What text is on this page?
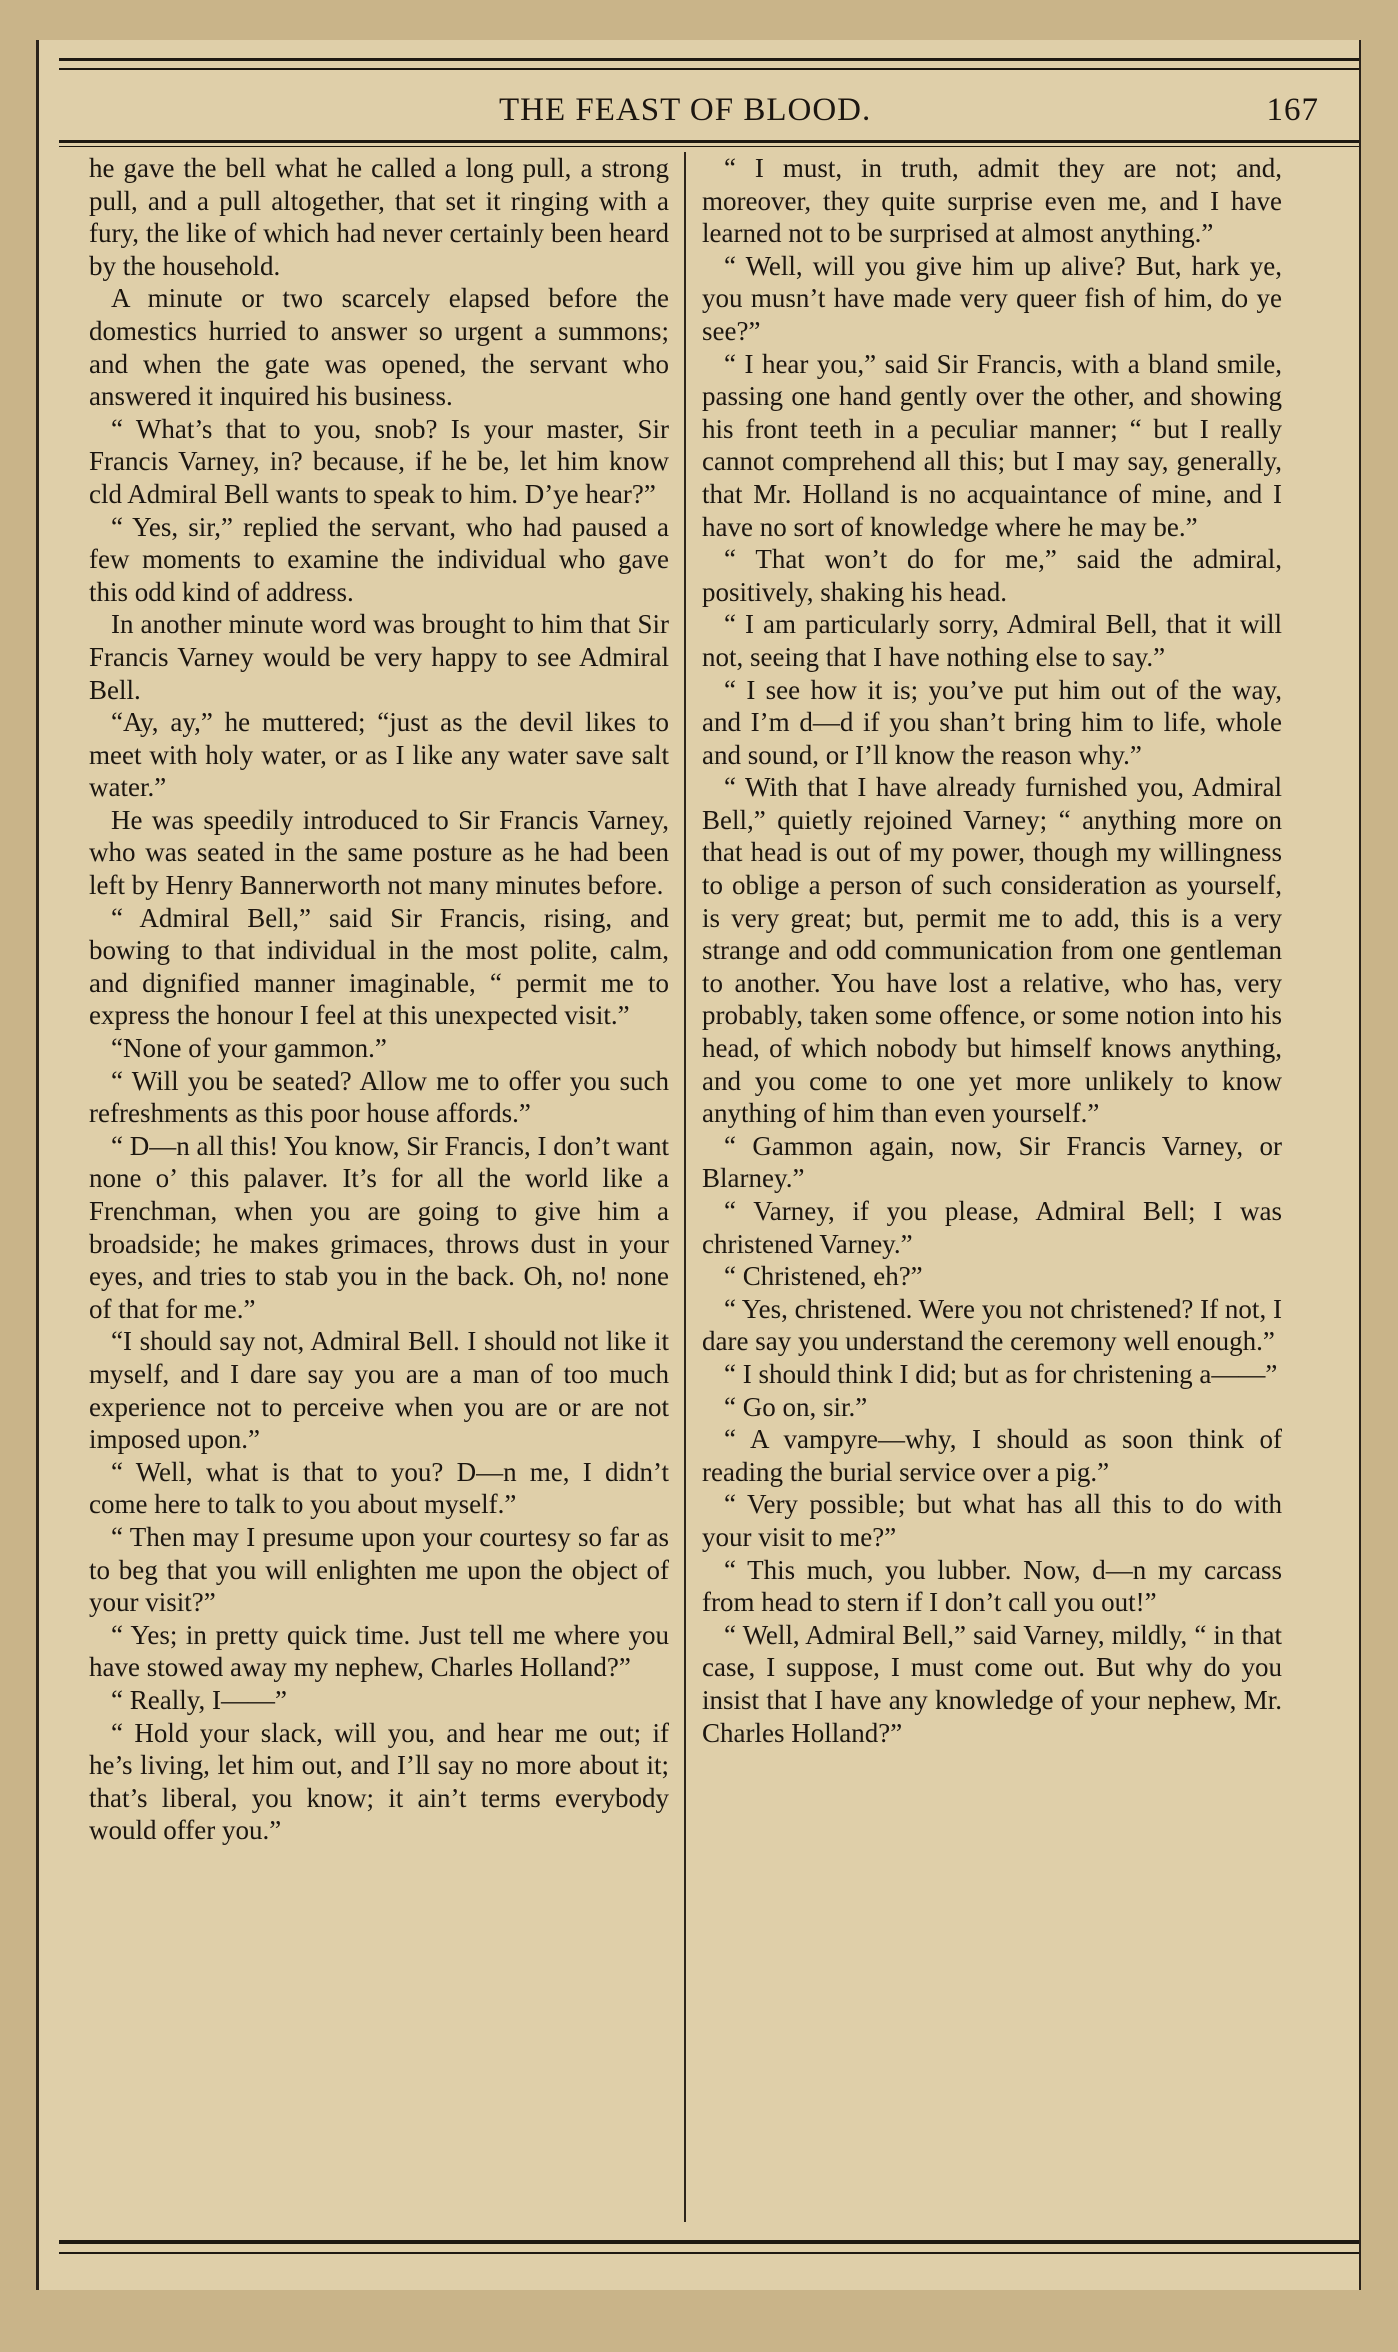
THE FEAST OF BLOOD.	167

he gave the bell what he called a long pull, a strong pull, and a pull altogether, that set it ringing with a fury, the like of which had never certainly been heard by the household.

A minute or two scarcely elapsed before the domestics hurried to answer so urgent a summons; and when the gate was opened, the servant who answered it inquired his business.

“ What’s that to you, snob? Is your master, Sir Francis Varney, in? because, if he be, let him know cld Admiral Bell wants to speak to him. D’ye hear?”

“ Yes, sir,” replied the servant, who had paused a few moments to examine the individual who gave this odd kind of address.

In another minute word was brought to him that Sir Francis Varney would be very happy to see Admiral Bell.

“Ay, ay,” he muttered; “just as the devil likes to meet with holy water, or as I like any water save salt water.”

He was speedily introduced to Sir Francis Varney, who was seated in the same posture as he had been left by Henry Bannerworth not many minutes before.

“ Admiral Bell,” said Sir Francis, rising, and bowing to that individual in the most polite, calm, and dignified manner imaginable, “ permit me to express the honour I feel at this unexpected visit.”

“None of your gammon.”

“ Will you be seated? Allow me to offer you such refreshments as this poor house affords.”

“ D—n all this! You know, Sir Francis, I don’t want none o’ this palaver. It’s for all the world like a Frenchman, when you are going to give him a broadside; he makes grimaces, throws dust in your eyes, and tries to stab you in the back. Oh, no! none of that for me.”

“I should say not, Admiral Bell. I should not like it myself, and I dare say you are a man of too much experience not to perceive when you are or are not imposed upon.”

“ Well, what is that to you? D—n me, I didn’t come here to talk to you about myself.”

“ Then may I presume upon your courtesy so far as to beg that you will enlighten me upon the object of your visit?”

“ Yes; in pretty quick time. Just tell me where you have stowed away my nephew, Charles Holland?”

“ Really, I——”

“ Hold your slack, will you, and hear me out; if he’s living, let him out, and I’ll say no more about it; that’s liberal, you know; it ain’t terms everybody would offer you.”

“ I must, in truth, admit they are not; and, moreover, they quite surprise even me, and I have learned not to be surprised at almost anything.”

“ Well, will you give him up alive? But, hark ye, you musn’t have made very queer fish of him, do ye see?”

“ I hear you,” said Sir Francis, with a bland smile, passing one hand gently over the other, and showing his front teeth in a peculiar manner; “ but I really cannot comprehend all this; but I may say, generally, that Mr. Holland is no acquaintance of mine, and I have no sort of knowledge where he may be.”

“ That won’t do for me,” said the admiral, positively, shaking his head.

“ I am particularly sorry, Admiral Bell, that it will not, seeing that I have nothing else to say.”

“ I see how it is; you’ve put him out of the way, and I’m d—d if you shan’t bring him to life, whole and sound, or I’ll know the reason why.”

“ With that I have already furnished you, Admiral Bell,” quietly rejoined Varney; “ anything more on that head is out of my power, though my willingness to oblige a person of such consideration as yourself, is very great; but, permit me to add, this is a very strange and odd communication from one gentleman to another. You have lost a relative, who has, very probably, taken some offence, or some notion into his head, of which nobody but himself knows anything, and you come to one yet more unlikely to know anything of him than even yourself.”

“ Gammon again, now, Sir Francis Varney, or Blarney.”

“ Varney, if you please, Admiral Bell; I was christened Varney.”

“ Christened, eh?”

“ Yes, christened. Were you not christened? If not, I dare say you understand the ceremony well enough.”

“ I should think I did; but as for christening a——”

“ Go on, sir.”

“ A vampyre—why, I should as soon think of reading the burial service over a pig.”

“ Very possible; but what has all this to do with your visit to me?”

“ This much, you lubber. Now, d—n my carcass from head to stern if I don’t call you out!”

“ Well, Admiral Bell,” said Varney, mildly, “ in that case, I suppose, I must come out. But why do you insist that I have any knowledge of your nephew, Mr. Charles Holland?”
